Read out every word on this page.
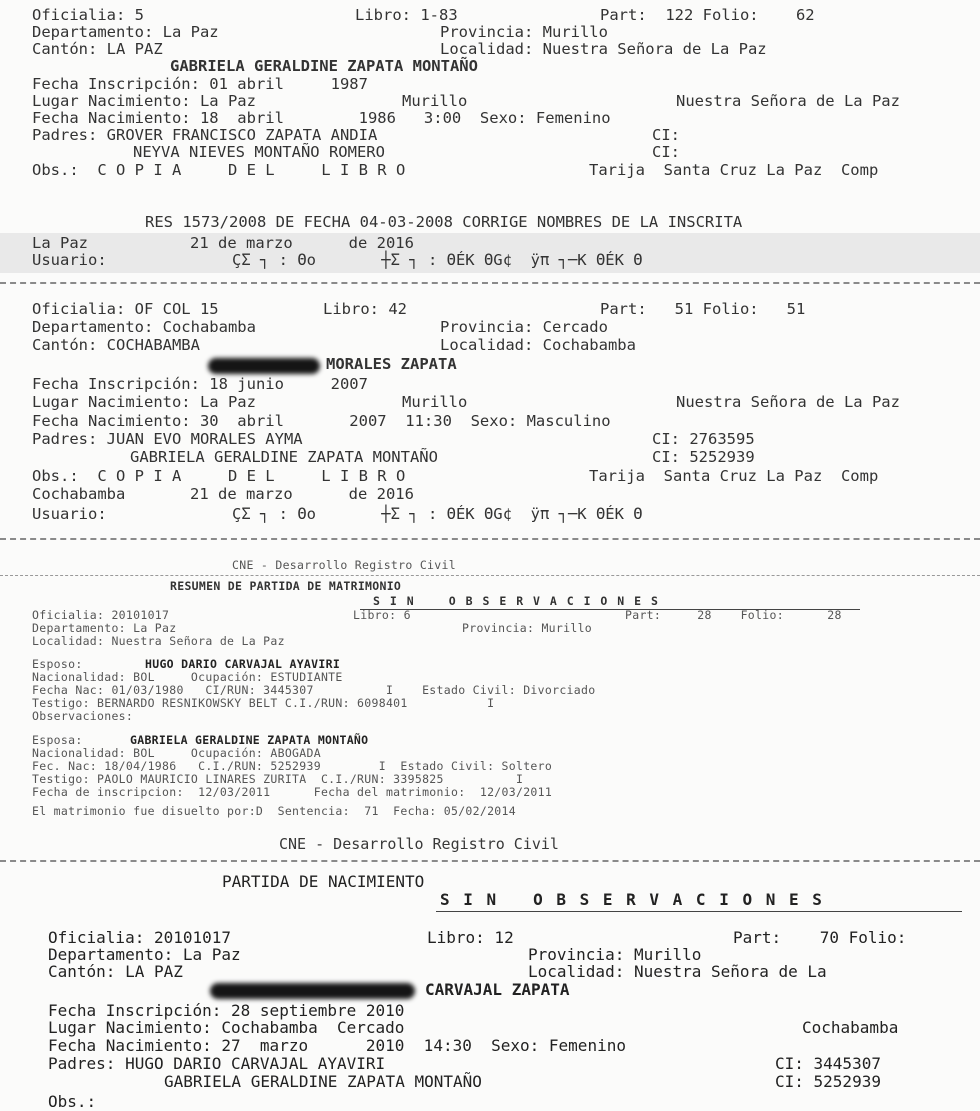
Oficialia: 5	Libro: 1-83	Part:  122 Folio:    62
Departamento: La Paz	Provincia: Murillo
Cantón: LA PAZ	Localidad: Nuestra Señora de La Paz
GABRIELA GERALDINE ZAPATA MONTAÑO
Fecha Inscripción: 01 abril     1987
Lugar Nacimiento: La Paz	Murillo	Nuestra Señora de La Paz
Fecha Nacimiento: 18  abril        1986   3:00  Sexo: Femenino
Padres: GROVER FRANCISCO ZAPATA ANDIA	CI:
NEYVA NIEVES MONTAÑO ROMERO	CI:
Obs.:  C O P I A     D E L     L I B R O	Tarija  Santa Cruz La Paz  Comp
RES 1573/2008 DE FECHA 04-03-2008 CORRIGE NOMBRES DE LA INSCRITA
La Paz	21 de marzo      de 2016
Usuario:	ÇΣ ┐ : Θo       ┼Σ ┐ : ΘÉK ΘG¢  ÿπ ┐─K ΘÉK Θ
Oficialia: OF COL 15	Libro: 42	Part:   51 Folio:   51
Departamento: Cochabamba	Provincia: Cercado
Cantón: COCHABAMBA	Localidad: Cochabamba
MORALES ZAPATA
Fecha Inscripción: 18 junio     2007
Lugar Nacimiento: La Paz	Murillo	Nuestra Señora de La Paz
Fecha Nacimiento: 30  abril       2007  11:30  Sexo: Masculino
Padres: JUAN EVO MORALES AYMA	CI: 2763595
GABRIELA GERALDINE ZAPATA MONTAÑO	CI: 5252939
Obs.:  C O P I A     D E L     L I B R O	Tarija  Santa Cruz La Paz  Comp
Cochabamba	21 de marzo      de 2016
Usuario:	ÇΣ ┐ : Θo       ┼Σ ┐ : ΘÉK ΘG¢  ÿπ ┐─K ΘÉK Θ
CNE - Desarrollo Registro Civil
RESUMEN DE PARTIDA DE MATRIMONIO
S I N    O B S E R V A C I O N E S
Oficialia: 20101017	Libro: 6	Part:     28    Folio:      28
Departamento: La Paz	Provincia: Murillo
Localidad: Nuestra Señora de La Paz
Esposo:	HUGO DARIO CARVAJAL AYAVIRI
Nacionalidad: BOL     Ocupación: ESTUDIANTE
Fecha Nac: 01/03/1980   CI/RUN: 3445307          I    Estado Civil: Divorciado
Testigo: BERNARDO RESNIKOWSKY BELT C.I./RUN: 6098401           I
Observaciones:
Esposa:	GABRIELA GERALDINE ZAPATA MONTAÑO
Nacionalidad: BOL     Ocupación: ABOGADA
Fec. Nac: 18/04/1986   C.I./RUN: 5252939        I  Estado Civil: Soltero
Testigo: PAOLO MAURICIO LINARES ZURITA  C.I./RUN: 3395825          I
Fecha de inscripcion:  12/03/2011      Fecha del matrimonio:  12/03/2011
El matrimonio fue disuelto por:D  Sentencia:  71  Fecha: 05/02/2014
CNE - Desarrollo Registro Civil
PARTIDA DE NACIMIENTO
S I N   O B S E R V A C I O N E S
Oficialia: 20101017	Libro: 12	Part:    70 Folio:
Departamento: La Paz	Provincia: Murillo
Cantón: LA PAZ	Localidad: Nuestra Señora de La
CARVAJAL ZAPATA
Fecha Inscripción: 28 septiembre 2010
Lugar Nacimiento: Cochabamba  Cercado	Cochabamba
Fecha Nacimiento: 27  marzo      2010  14:30  Sexo: Femenino
Padres: HUGO DARIO CARVAJAL AYAVIRI	CI: 3445307
GABRIELA GERALDINE ZAPATA MONTAÑO	CI: 5252939
Obs.:
